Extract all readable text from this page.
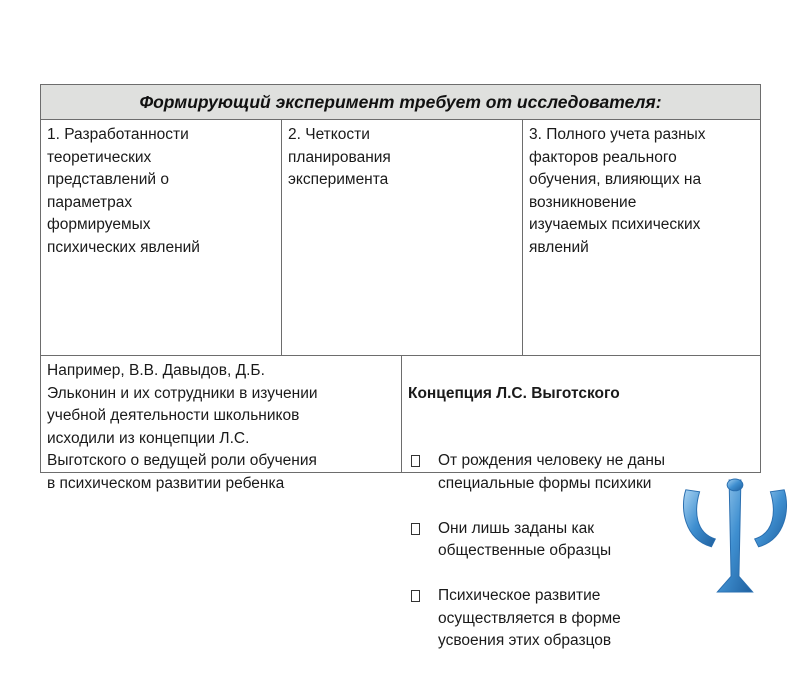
Формирующий эксперимент требует от исследователя:
1. Разработанности
теоретических
представлений о
параметрах
формируемых
психических явлений
2. Четкости
планирования
эксперимента
3. Полного учета разных
факторов реального
обучения, влияющих на
возникновение
изучаемых психических
явлений
Например, В.В. Давыдов, Д.Б.
Эльконин и их сотрудники в изучении
учебной деятельности школьников
исходили из концепции Л.С.
Выготского о ведущей роли обучения
в психическом развитии ребенка

Концепция Л.С. Выготского

От рождения человеку не даны
специальные формы психики

Они лишь заданы как
общественные образцы

Психическое развитие
осуществляется в форме
усвоения этих образцов
